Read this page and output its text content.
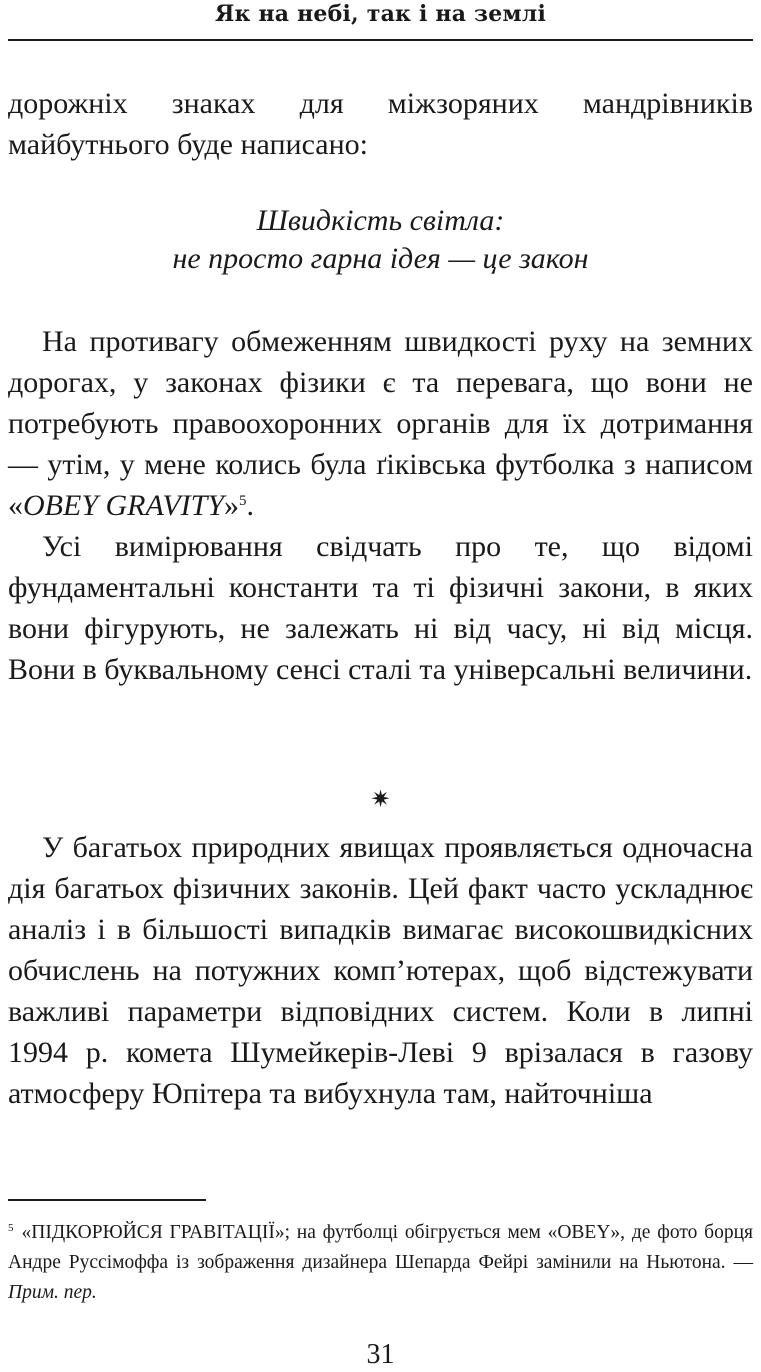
Як на небі, так і на землі

дорожніх знаках для міжзоряних мандрівників майбутнього буде написано:

Швидкість світла:
не просто гарна ідея — це закон

На противагу обмеженням швидкості руху на земних дорогах, у законах фізики є та перевага, що вони не потребують правоохоронних органів для їх дотримання — утім, у мене колись була ґіківська футболка з написом «OBEY GRAVITY»$^5$.

Усі вимірювання свідчать про те, що відомі фундаментальні константи та ті фізичні закони, в яких вони фігурують, не залежать ні від часу, ні від місця. Вони в буквальному сенсі сталі та універсальні величини.

✷

У багатьох природних явищах проявляється одночасна дія багатьох фізичних законів. Цей факт часто ускладнює аналіз і в більшості випадків вимагає високошвидкісних обчислень на потужних комп’ютерах, щоб відстежувати важливі параметри відповідних систем. Коли в липні 1994 р. комета Шумейкерів-Леві 9 врізалася в газову атмосферу Юпітера та вибухнула там, найточніша

$^5$ «ПІДКОРЮЙСЯ ГРАВІТАЦІЇ»; на футболці обігрується мем «OBEY», де фото борця Андре Руссімоффа із зображення дизайнера Шепарда Фейрі замінили на Ньютона. — Прим. пер.

31
